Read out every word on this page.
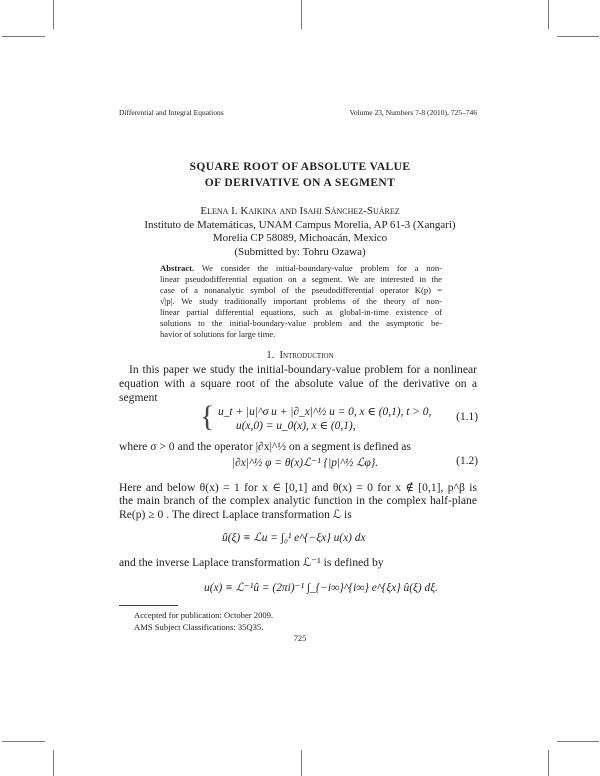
Differential and Integral Equations	Volume 23, Numbers 7-8 (2010), 725–746
SQUARE ROOT OF ABSOLUTE VALUE
OF DERIVATIVE ON A SEGMENT
Elena I. Kaikina and Isahi Sánchez-Suárez
Instituto de Matemáticas, UNAM Campus Morelia, AP 61-3 (Xangari)
Morelia CP 58089, Michoacán, Mexico
(Submitted by: Tohru Ozawa)
Abstract. We consider the initial-boundary-value problem for a non-
linear pseudodifferential equation on a segment. We are interested in the
case of a nonanalytic symbol of the pseudodifferential operator K(p) =
√|p|. We study traditionally important problems of the theory of non-
linear partial differential equations, such as global-in-time existence of
solutions to the initial-boundary-value problem and the asymptotic be-
havior of solutions for large time.
1. Introduction
In this paper we study the initial-boundary-value problem for a nonlinear
equation with a square root of the absolute value of the derivative on a
segment
{ u_t + |u|^σ u + |∂_x|^½ u = 0, x ∈ (0,1), t > 0,
u(x,0) = u_0(x), x ∈ (0,1),
(1.1)
where σ > 0 and the operator |∂x|^½ on a segment is defined as
|∂x|^½ φ = θ(x)ℒ⁻¹ {|p|^½ ℒφ}.	(1.2)
Here and below θ(x) = 1 for x ∈ [0,1] and θ(x) = 0 for x ∉ [0,1], p^β is
the main branch of the complex analytic function in the complex half-plane
Re(p) ≥ 0 . The direct Laplace transformation ℒ is
û(ξ) ≡ ℒu = ∫₀¹ e^{−ξx} u(x) dx
and the inverse Laplace transformation ℒ⁻¹ is defined by
u(x) ≡ ℒ⁻¹û = (2πi)⁻¹ ∫_{−i∞}^{i∞} e^{ξx} û(ξ) dξ.
Accepted for publication: October 2009.
AMS Subject Classifications: 35Q35.
725
